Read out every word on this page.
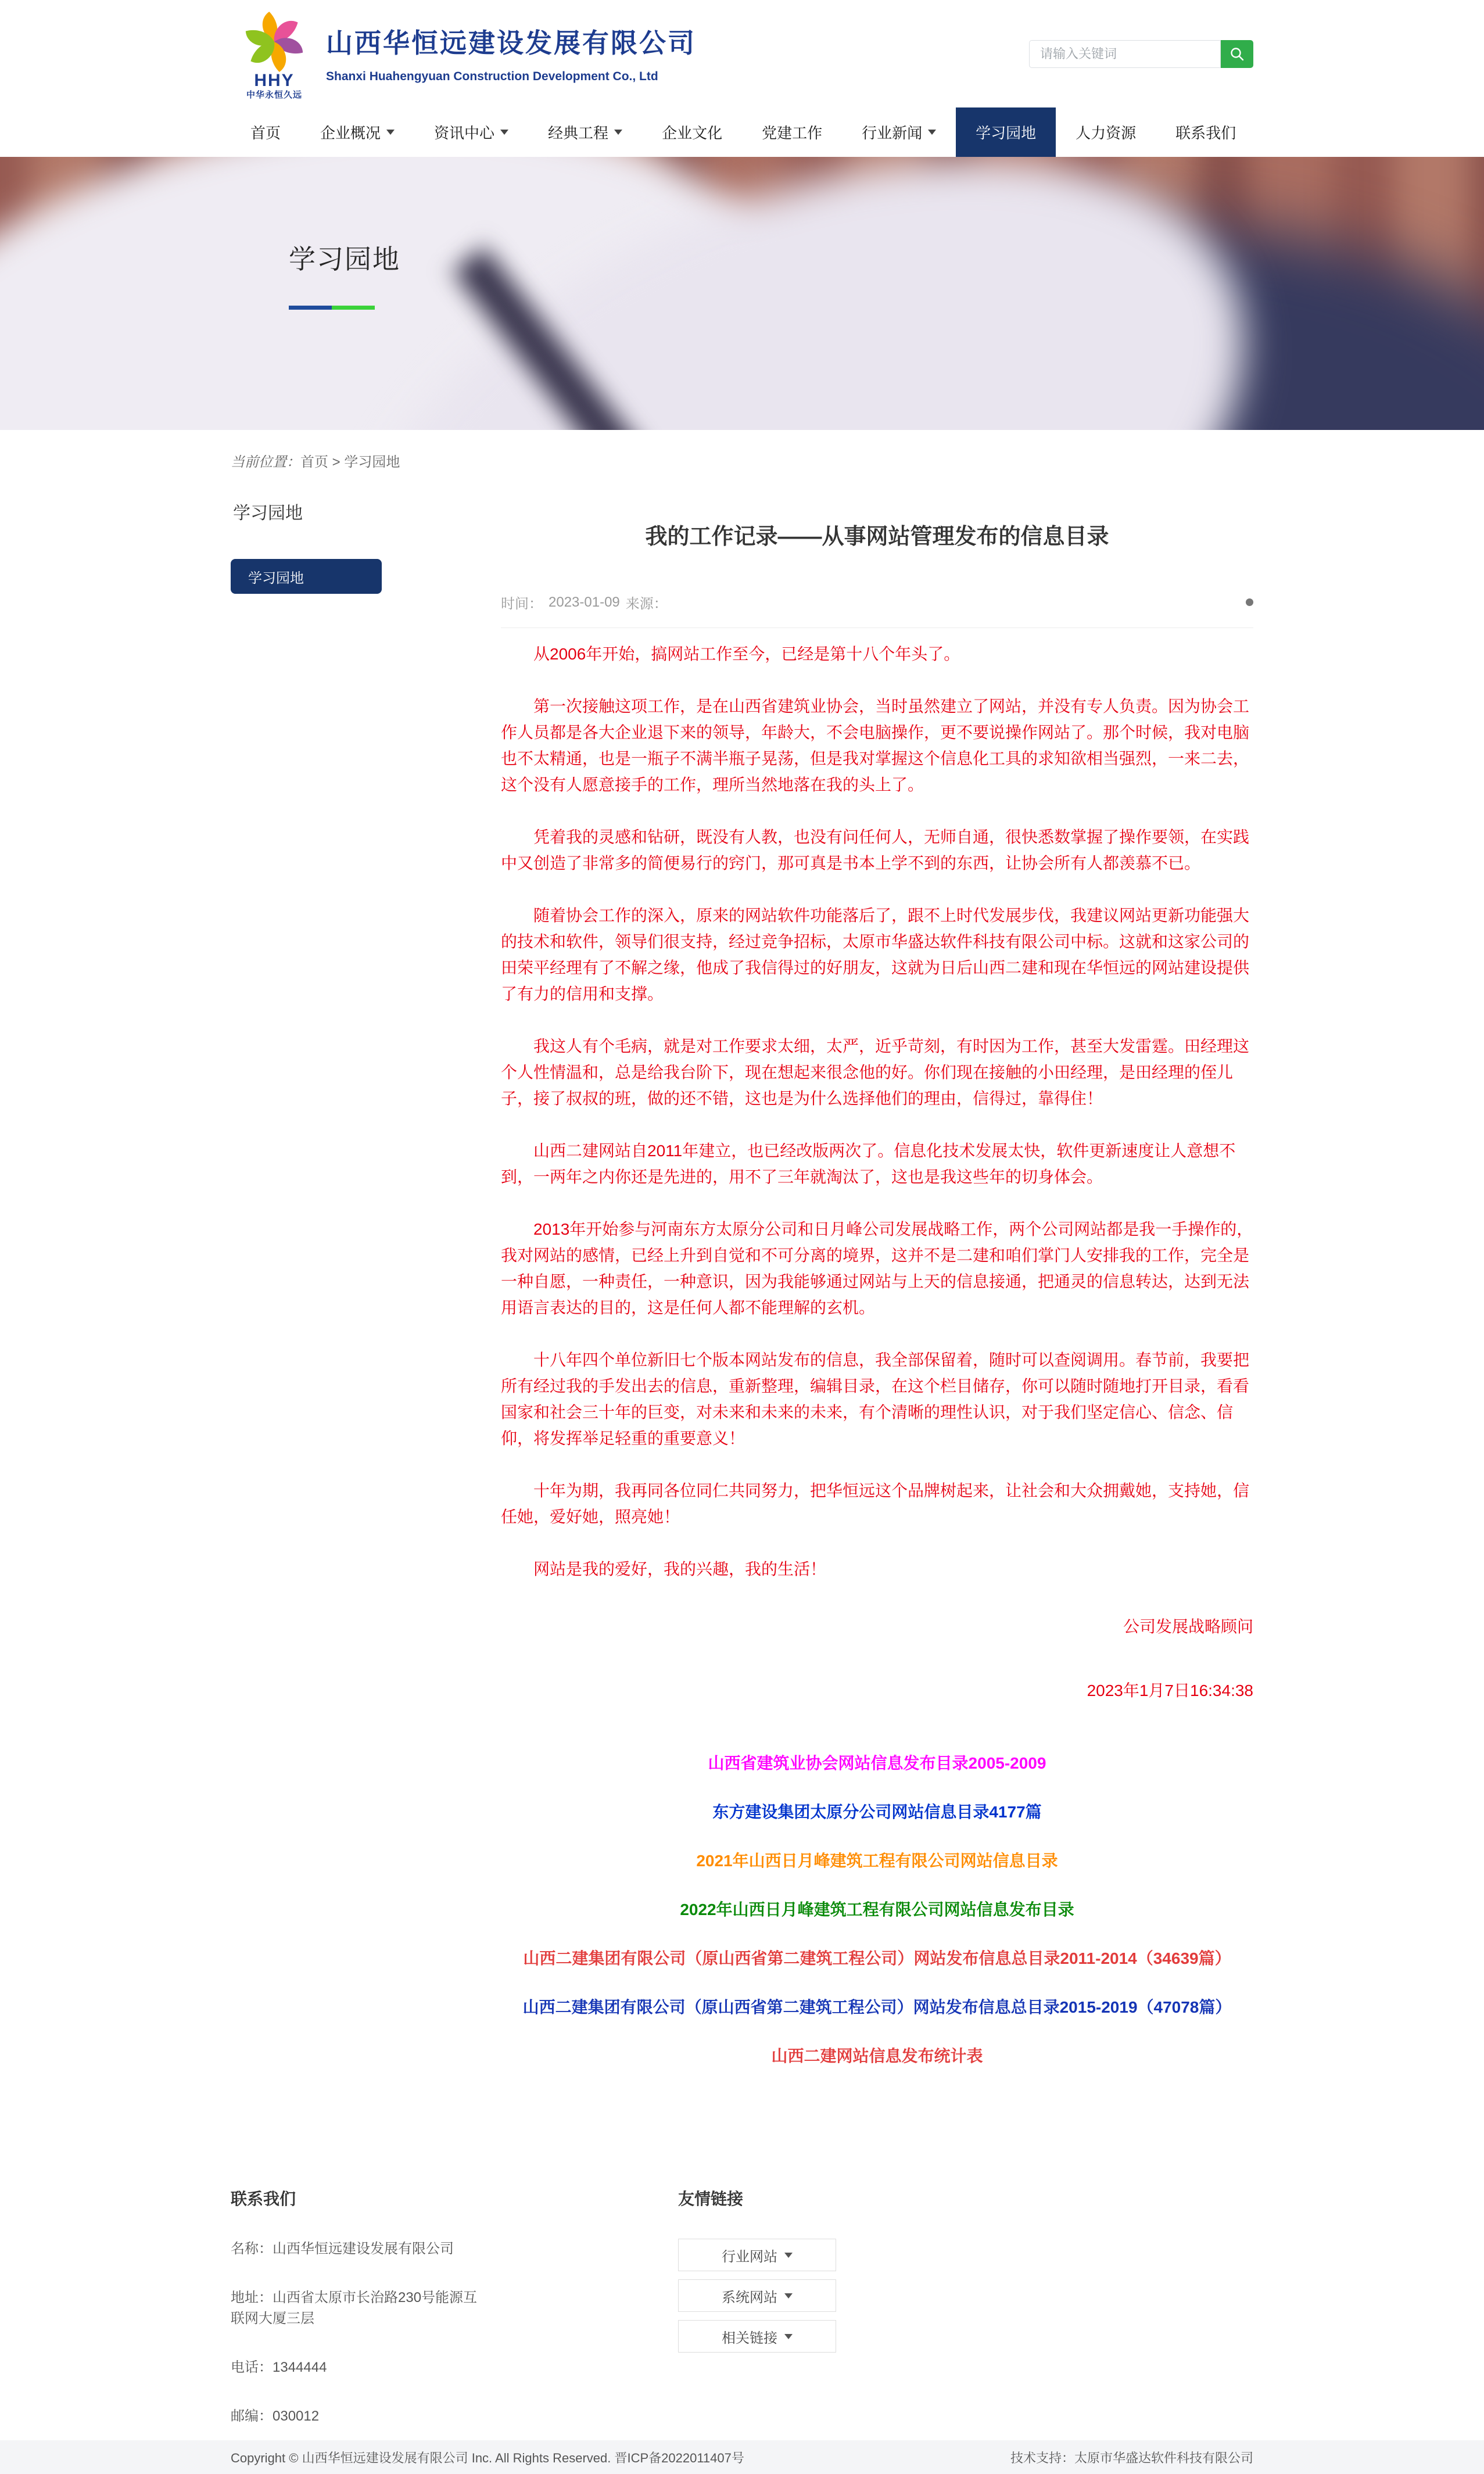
HHY
中华永恒久远
山西华恒远建设发展有限公司
Shanxi Huahengyuan Construction Development Co., Ltd
请输入关键词
首页	企业概况	资讯中心	经典工程	企业文化	党建工作	行业新闻	学习园地	人力资源	联系我们
学习园地
当前位置：首页 > 学习园地
学习园地
学习园地
我的工作记录——从事网站管理发布的信息目录
时间： 2023-01-09 来源：

从2006年开始，搞网站工作至今，已经是第十八个年头了。

第一次接触这项工作，是在山西省建筑业协会，当时虽然建立了网站，并没有专人负责。因为协会工作人员都是各大企业退下来的领导，年龄大，不会电脑操作，更不要说操作网站了。那个时候，我对电脑也不太精通，也是一瓶子不满半瓶子晃荡，但是我对掌握这个信息化工具的求知欲相当强烈，一来二去，这个没有人愿意接手的工作，理所当然地落在我的头上了。

凭着我的灵感和钻研，既没有人教，也没有问任何人，无师自通，很快悉数掌握了操作要领，在实践中又创造了非常多的简便易行的窍门，那可真是书本上学不到的东西，让协会所有人都羡慕不已。

随着协会工作的深入，原来的网站软件功能落后了，跟不上时代发展步伐，我建议网站更新功能强大的技术和软件，领导们很支持，经过竞争招标，太原市华盛达软件科技有限公司中标。这就和这家公司的田荣平经理有了不解之缘，他成了我信得过的好朋友，这就为日后山西二建和现在华恒远的网站建设提供了有力的信用和支撑。

我这人有个毛病，就是对工作要求太细，太严，近乎苛刻，有时因为工作，甚至大发雷霆。田经理这个人性情温和，总是给我台阶下，现在想起来很念他的好。你们现在接触的小田经理，是田经理的侄儿子，接了叔叔的班，做的还不错，这也是为什么选择他们的理由，信得过，靠得住！

山西二建网站自2011年建立，也已经改版两次了。信息化技术发展太快，软件更新速度让人意想不到，一两年之内你还是先进的，用不了三年就淘汰了，这也是我这些年的切身体会。

2013年开始参与河南东方太原分公司和日月峰公司发展战略工作，两个公司网站都是我一手操作的，我对网站的感情，已经上升到自觉和不可分离的境界，这并不是二建和咱们掌门人安排我的工作，完全是一种自愿，一种责任，一种意识，因为我能够通过网站与上天的信息接通，把通灵的信息转达，达到无法用语言表达的目的，这是任何人都不能理解的玄机。

十八年四个单位新旧七个版本网站发布的信息，我全部保留着，随时可以查阅调用。春节前，我要把所有经过我的手发出去的信息，重新整理，编辑目录，在这个栏目储存，你可以随时随地打开目录，看看国家和社会三十年的巨变，对未来和未来的未来，有个清晰的理性认识，对于我们坚定信心、信念、信仰，将发挥举足轻重的重要意义！

十年为期，我再同各位同仁共同努力，把华恒远这个品牌树起来，让社会和大众拥戴她，支持她，信任她，爱好她，照亮她！

网站是我的爱好，我的兴趣，我的生活！

公司发展战略顾问
2023年1月7日16:34:38
山西省建筑业协会网站信息发布目录2005-2009
东方建设集团太原分公司网站信息目录4177篇
2021年山西日月峰建筑工程有限公司网站信息目录
2022年山西日月峰建筑工程有限公司网站信息发布目录
山西二建集团有限公司（原山西省第二建筑工程公司）网站发布信息总目录2011-2014（34639篇）
山西二建集团有限公司（原山西省第二建筑工程公司）网站发布信息总目录2015-2019（47078篇）
山西二建网站信息发布统计表
联系我们
名称：山西华恒远建设发展有限公司
地址：山西省太原市长治路230号能源互联网大厦三层
电话：1344444
邮编：030012
友情链接
行业网站
系统网站
相关链接
Copyright © 山西华恒远建设发展有限公司 Inc. All Rights Reserved. 晋ICP备2022011407号	技术支持：太原市华盛达软件科技有限公司
